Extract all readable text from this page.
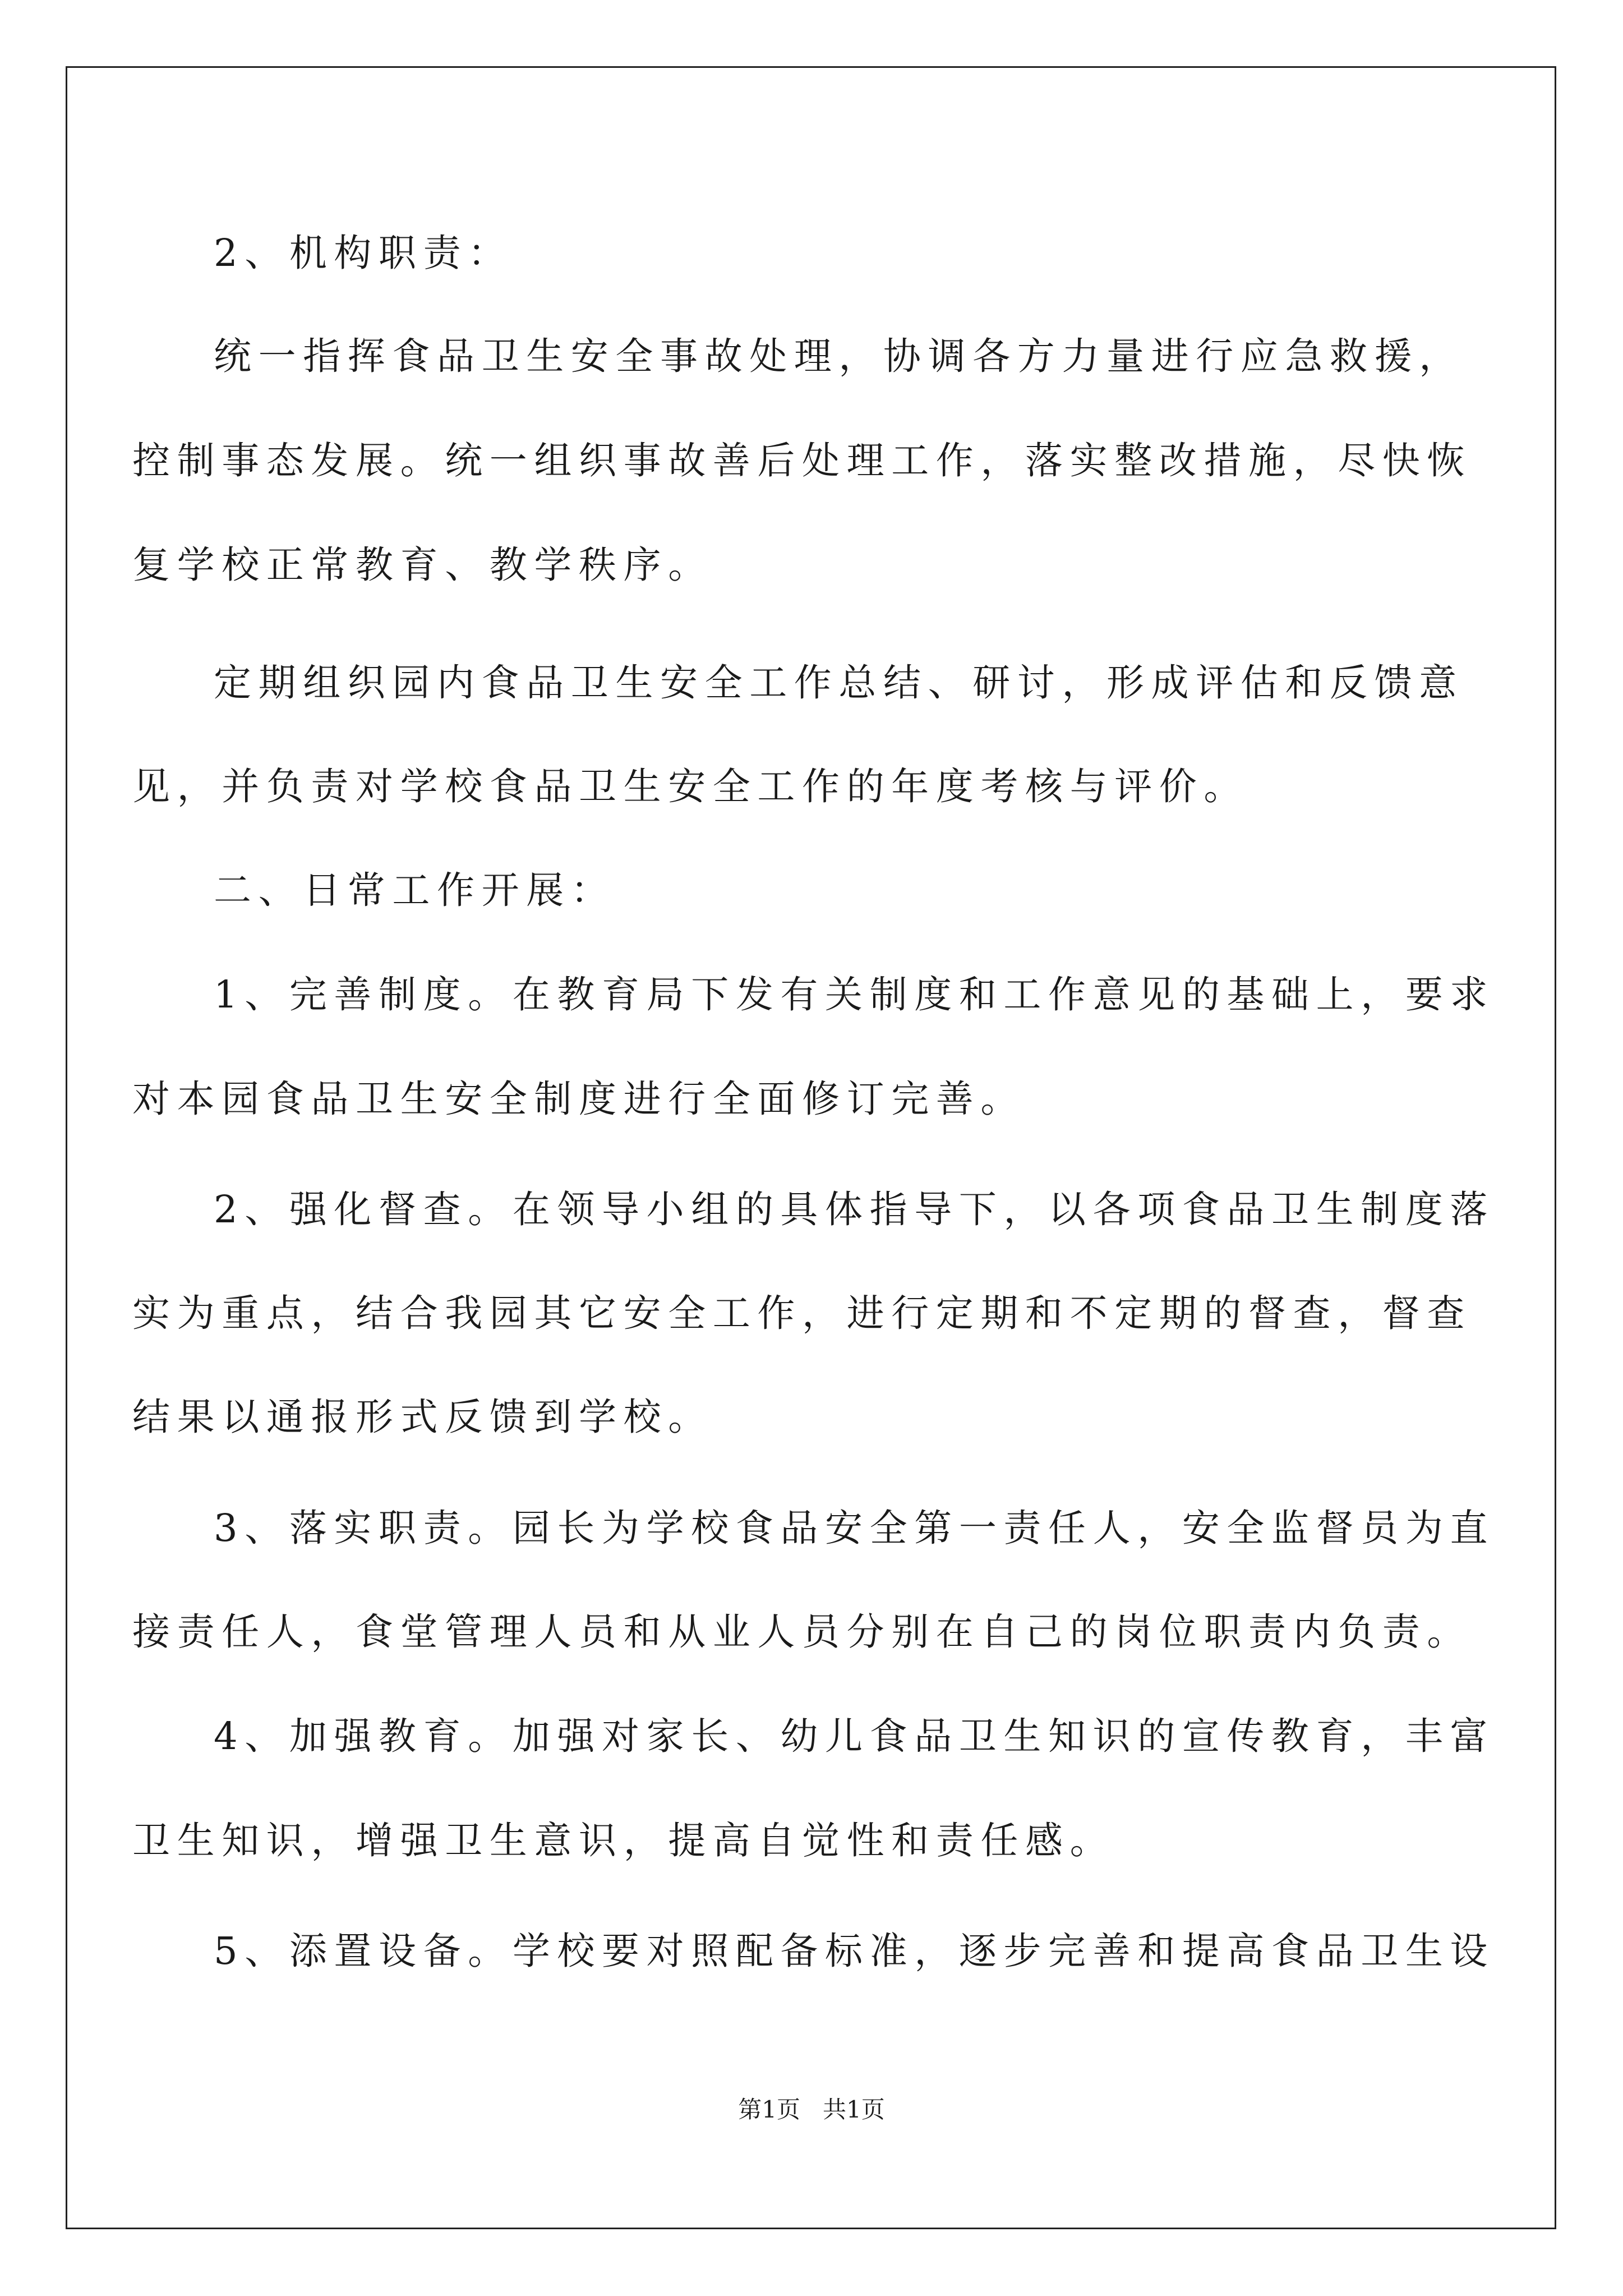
2、机构职责：
统一指挥食品卫生安全事故处理，协调各方力量进行应急救援，
控制事态发展。统一组织事故善后处理工作，落实整改措施，尽快恢
复学校正常教育、教学秩序。
定期组织园内食品卫生安全工作总结、研讨，形成评估和反馈意
见，并负责对学校食品卫生安全工作的年度考核与评价。
二、日常工作开展：
1、完善制度。在教育局下发有关制度和工作意见的基础上，要求
对本园食品卫生安全制度进行全面修订完善。
2、强化督查。在领导小组的具体指导下，以各项食品卫生制度落
实为重点，结合我园其它安全工作，进行定期和不定期的督查，督查
结果以通报形式反馈到学校。
3、落实职责。园长为学校食品安全第一责任人，安全监督员为直
接责任人，食堂管理人员和从业人员分别在自己的岗位职责内负责。
4、加强教育。加强对家长、幼儿食品卫生知识的宣传教育，丰富
卫生知识，增强卫生意识，提高自觉性和责任感。
5、添置设备。学校要对照配备标准，逐步完善和提高食品卫生设
第1页   共1页
